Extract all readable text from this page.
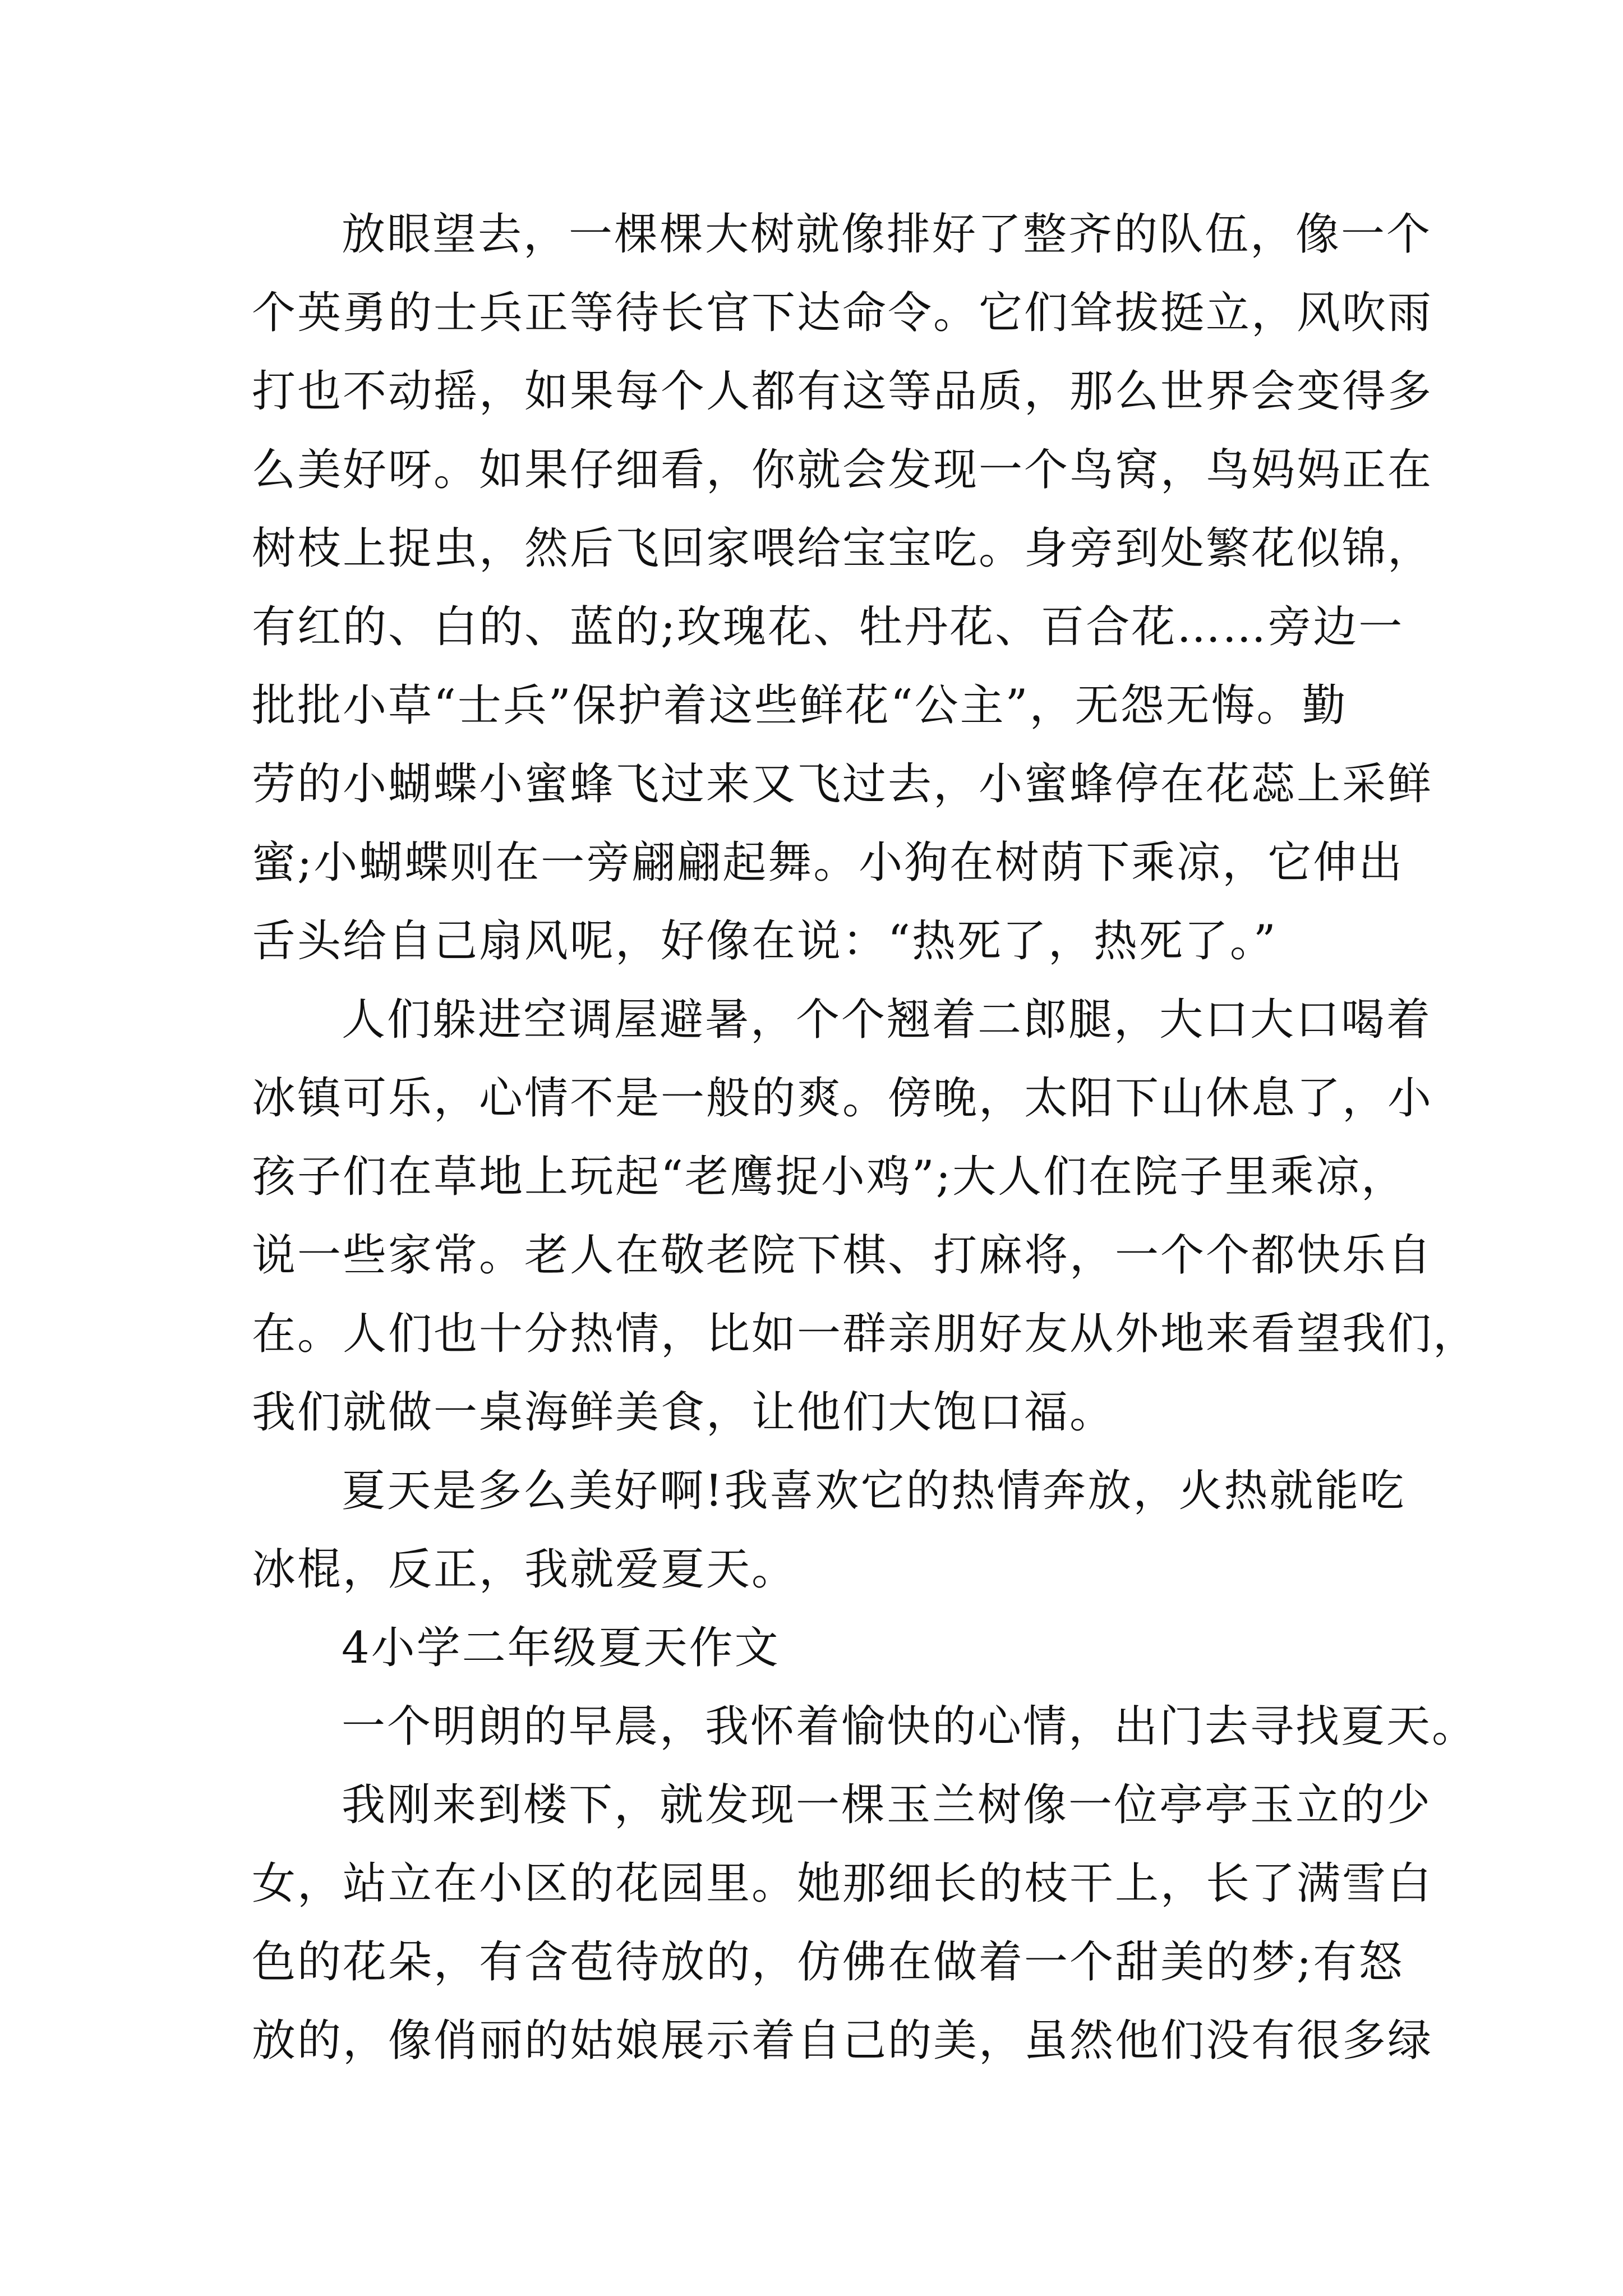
放眼望去，一棵棵大树就像排好了整齐的队伍，像一个
个英勇的士兵正等待长官下达命令。它们耸拔挺立，风吹雨
打也不动摇，如果每个人都有这等品质，那么世界会变得多
么美好呀。如果仔细看，你就会发现一个鸟窝，鸟妈妈正在
树枝上捉虫，然后飞回家喂给宝宝吃。身旁到处繁花似锦，
有红的、白的、蓝的;玫瑰花、牡丹花、百合花……旁边一
批批小草“士兵”保护着这些鲜花“公主”，无怨无悔。勤
劳的小蝴蝶小蜜蜂飞过来又飞过去，小蜜蜂停在花蕊上采鲜
蜜;小蝴蝶则在一旁翩翩起舞。小狗在树荫下乘凉，它伸出
舌头给自己扇风呢，好像在说：“热死了，热死了。”
人们躲进空调屋避暑，个个翘着二郎腿，大口大口喝着
冰镇可乐，心情不是一般的爽。傍晚，太阳下山休息了，小
孩子们在草地上玩起“老鹰捉小鸡”;大人们在院子里乘凉，
说一些家常。老人在敬老院下棋、打麻将，一个个都快乐自
在。人们也十分热情，比如一群亲朋好友从外地来看望我们，
我们就做一桌海鲜美食，让他们大饱口福。
夏天是多么美好啊!我喜欢它的热情奔放，火热就能吃
冰棍，反正，我就爱夏天。
4小学二年级夏天作文
一个明朗的早晨，我怀着愉快的心情，出门去寻找夏天。
我刚来到楼下，就发现一棵玉兰树像一位亭亭玉立的少
女，站立在小区的花园里。她那细长的枝干上，长了满雪白
色的花朵，有含苞待放的，仿佛在做着一个甜美的梦;有怒
放的，像俏丽的姑娘展示着自己的美，虽然他们没有很多绿
